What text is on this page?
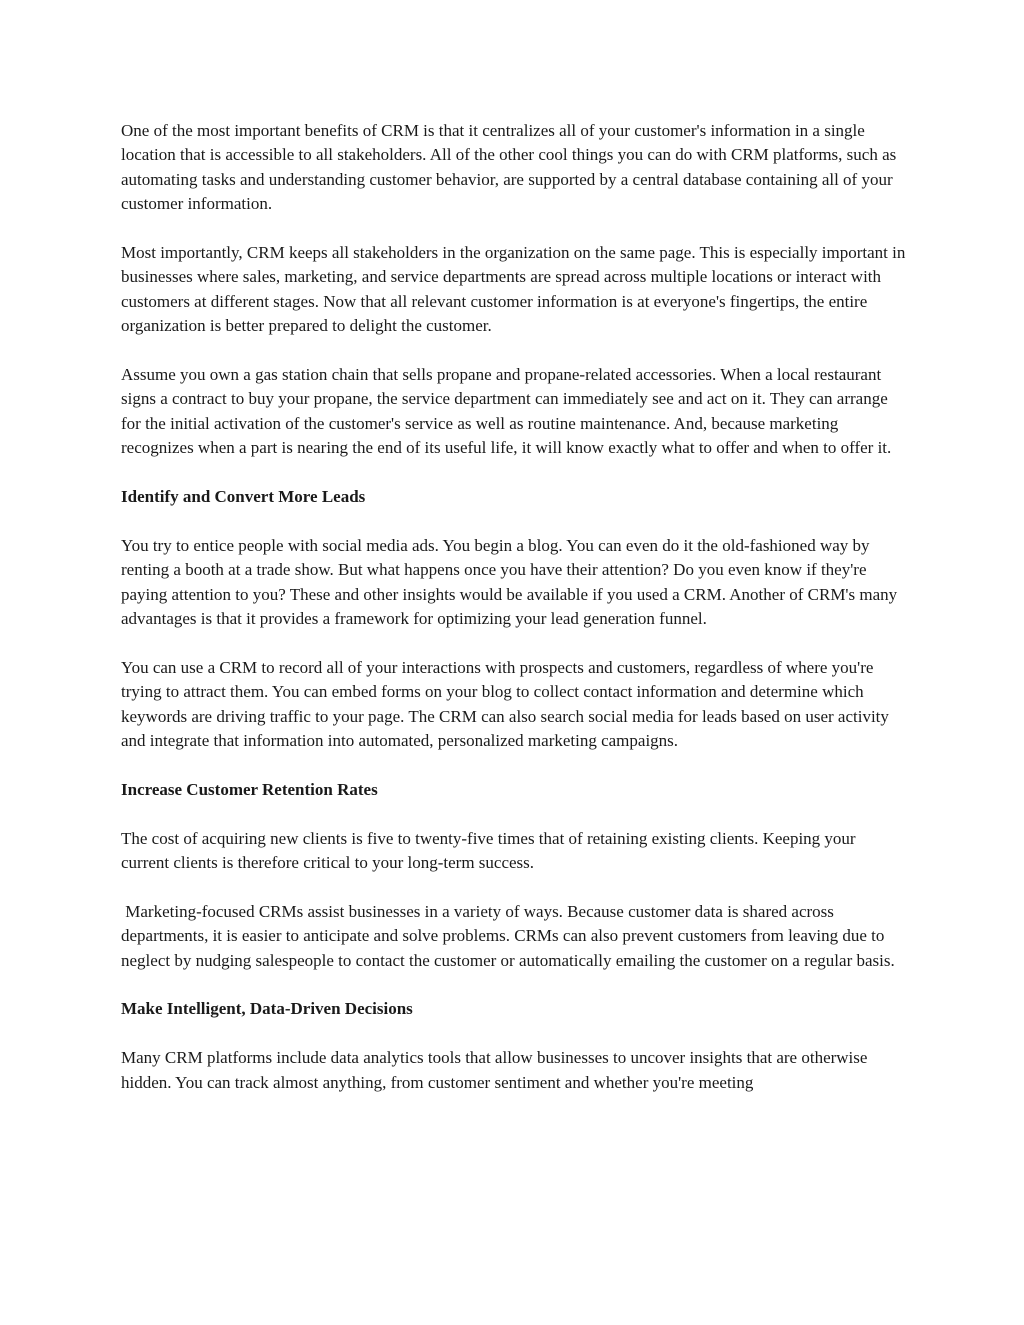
One of the most important benefits of CRM is that it centralizes all of your customer's information in a single location that is accessible to all stakeholders. All of the other cool things you can do with CRM platforms, such as automating tasks and understanding customer behavior, are supported by a central database containing all of your customer information.

Most importantly, CRM keeps all stakeholders in the organization on the same page. This is especially important in businesses where sales, marketing, and service departments are spread across multiple locations or interact with customers at different stages. Now that all relevant customer information is at everyone's fingertips, the entire organization is better prepared to delight the customer.

Assume you own a gas station chain that sells propane and propane-related accessories. When a local restaurant signs a contract to buy your propane, the service department can immediately see and act on it. They can arrange for the initial activation of the customer's service as well as routine maintenance. And, because marketing recognizes when a part is nearing the end of its useful life, it will know exactly what to offer and when to offer it.

Identify and Convert More Leads

You try to entice people with social media ads. You begin a blog. You can even do it the old-fashioned way by renting a booth at a trade show. But what happens once you have their attention? Do you even know if they're paying attention to you? These and other insights would be available if you used a CRM. Another of CRM's many advantages is that it provides a framework for optimizing your lead generation funnel.

You can use a CRM to record all of your interactions with prospects and customers, regardless of where you're trying to attract them. You can embed forms on your blog to collect contact information and determine which keywords are driving traffic to your page. The CRM can also search social media for leads based on user activity and integrate that information into automated, personalized marketing campaigns.

Increase Customer Retention Rates

The cost of acquiring new clients is five to twenty-five times that of retaining existing clients. Keeping your current clients is therefore critical to your long-term success.

Marketing-focused CRMs assist businesses in a variety of ways. Because customer data is shared across departments, it is easier to anticipate and solve problems. CRMs can also prevent customers from leaving due to neglect by nudging salespeople to contact the customer or automatically emailing the customer on a regular basis.

Make Intelligent, Data-Driven Decisions

Many CRM platforms include data analytics tools that allow businesses to uncover insights that are otherwise hidden. You can track almost anything, from customer sentiment and whether you're meeting
